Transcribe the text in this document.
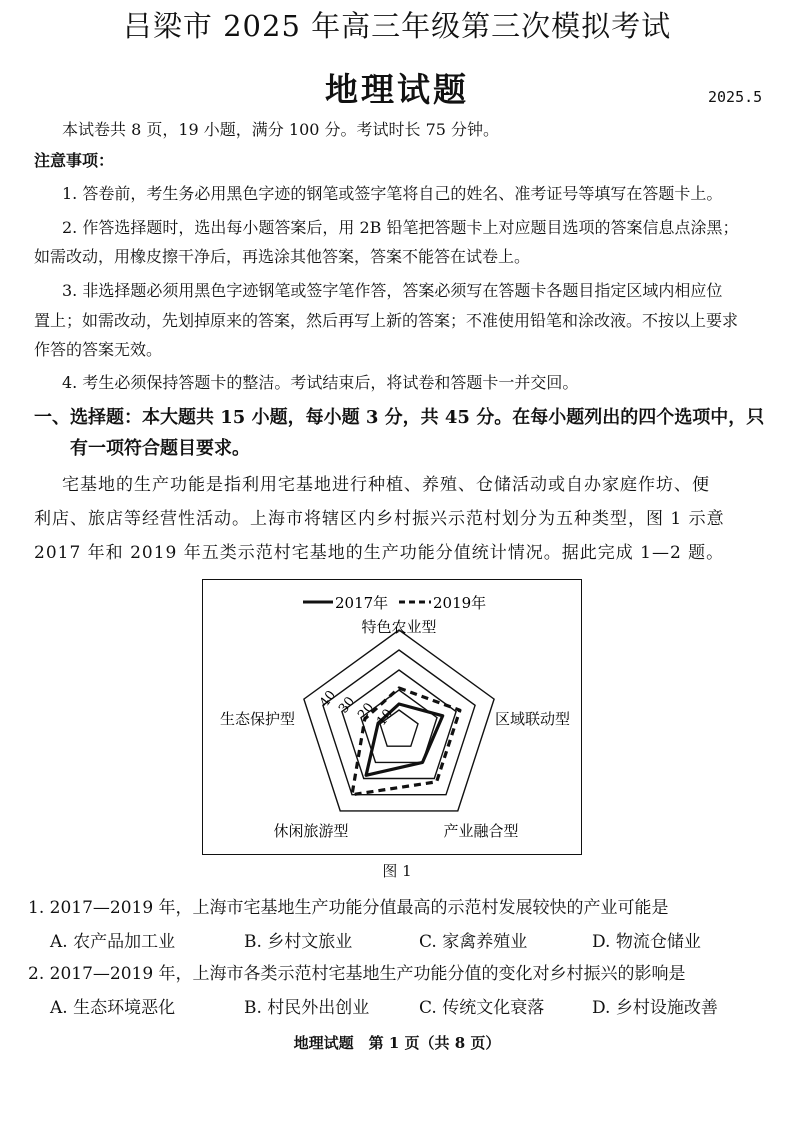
吕梁市 2025 年高三年级第三次模拟考试
地理试题	2025.5
本试卷共 8 页，19 小题，满分 100 分。考试时长 75 分钟。
注意事项：
1. 答卷前，考生务必用黑色字迹的钢笔或签字笔将自己的姓名、准考证号等填写在答题卡上。
2. 作答选择题时，选出每小题答案后，用 2B 铅笔把答题卡上对应题目选项的答案信息点涂黑；
如需改动，用橡皮擦干净后，再选涂其他答案，答案不能答在试卷上。
3. 非选择题必须用黑色字迹钢笔或签字笔作答，答案必须写在答题卡各题目指定区域内相应位
置上；如需改动，先划掉原来的答案，然后再写上新的答案；不准使用铅笔和涂改液。不按以上要求
作答的答案无效。
4. 考生必须保持答题卡的整洁。考试结束后，将试卷和答题卡一并交回。
一、选择题：本大题共 15 小题，每小题 3 分，共 45 分。在每小题列出的四个选项中，只
有一项符合题目要求。
宅基地的生产功能是指利用宅基地进行种植、养殖、仓储活动或自办家庭作坊、便
利店、旅店等经营性活动。上海市将辖区内乡村振兴示范村划分为五种类型，图 1 示意
2017 年和 2019 年五类示范村宅基地的生产功能分值统计情况。据此完成 1—2 题。
2017年	2019年
特色农业型
区域联动型
产业融合型
休闲旅游型
生态保护型	10
20
30
40
图 1
1. 2017—2019 年，上海市宅基地生产功能分值最高的示范村发展较快的产业可能是
A. 农产品加工业	B. 乡村文旅业	C. 家禽养殖业	D. 物流仓储业
2. 2017—2019 年，上海市各类示范村宅基地生产功能分值的变化对乡村振兴的影响是
A. 生态环境恶化	B. 村民外出创业	C. 传统文化衰落	D. 乡村设施改善
地理试题　第 1 页（共 8 页）
